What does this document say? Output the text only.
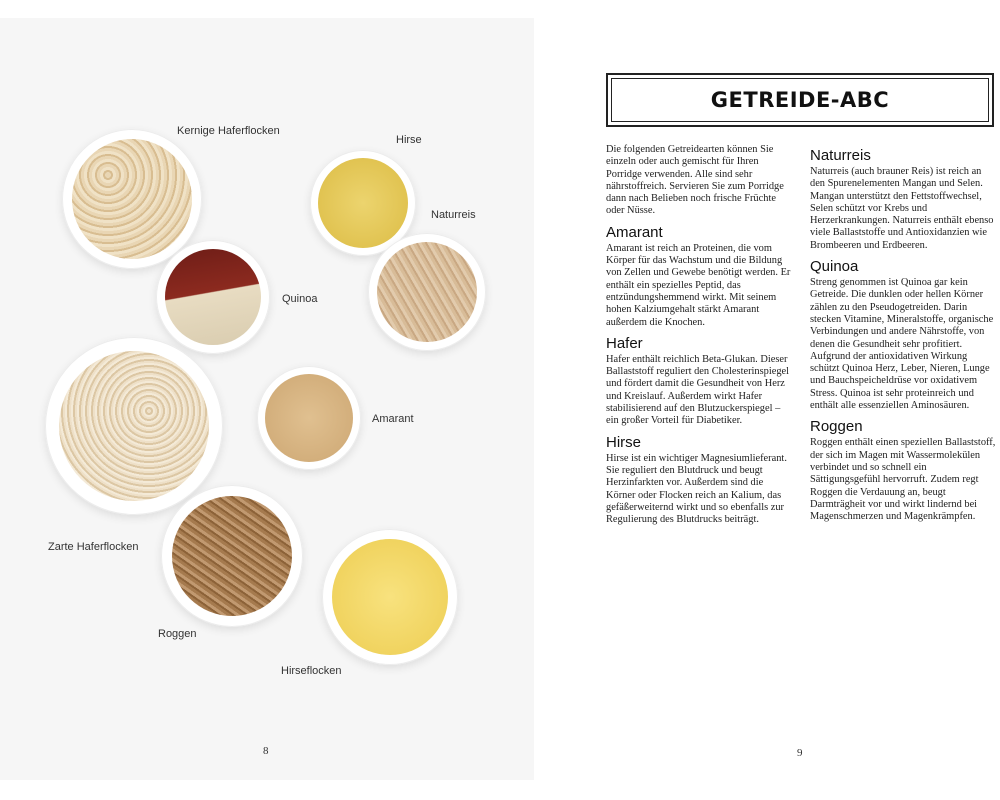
Kernige Haferflocken
Hirse
Naturreis
Quinoa
Amarant
Zarte Haferflocken
Roggen
Hirseflocken
8
GETREIDE-ABC

Die folgenden Getreidearten können Sie einzeln oder auch gemischt für Ihren Porridge verwenden. Alle sind sehr nährstoffreich. Servieren Sie zum Porridge dann nach Belieben noch frische Früchte oder Nüsse.

Amarant

Amarant ist reich an Proteinen, die vom Körper für das Wachstum und die Bildung von Zellen und Gewebe benötigt werden. Er enthält ein spezielles Peptid, das entzündungshemmend wirkt. Mit seinem hohen Kalziumgehalt stärkt Amarant außerdem die Knochen.

Hafer

Hafer enthält reichlich Beta-Glukan. Dieser Ballaststoff reguliert den Cholesterinspiegel und fördert damit die Gesundheit von Herz und Kreislauf. Außerdem wirkt Hafer stabilisierend auf den Blutzuckerspiegel – ein großer Vorteil für Diabetiker.

Hirse

Hirse ist ein wichtiger Magnesiumlieferant. Sie reguliert den Blutdruck und beugt Herzinfarkten vor. Außerdem sind die Körner oder Flocken reich an Kalium, das gefäßerweiternd wirkt und so ebenfalls zur Regulierung des Blutdrucks beiträgt.

Naturreis

Naturreis (auch brauner Reis) ist reich an den Spurenelementen Mangan und Selen. Mangan unterstützt den Fettstoffwechsel, Selen schützt vor Krebs und Herzerkrankungen. Naturreis enthält ebenso viele Ballaststoffe und Antioxidanzien wie Brombeeren und Erdbeeren.

Quinoa

Streng genommen ist Quinoa gar kein Getreide. Die dunklen oder hellen Körner zählen zu den Pseudogetreiden. Darin stecken Vitamine, Mineralstoffe, organische Verbindungen und andere Nährstoffe, von denen die Gesundheit sehr profitiert. Aufgrund der antioxidativen Wirkung schützt Quinoa Herz, Leber, Nieren, Lunge und Bauchspeicheldrüse vor oxidativem Stress. Quinoa ist sehr proteinreich und enthält alle essenziellen Aminosäuren.

Roggen

Roggen enthält einen speziellen Ballaststoff, der sich im Magen mit Wassermolekülen verbindet und so schnell ein Sättigungsgefühl hervorruft. Zudem regt Roggen die Verdauung an, beugt Darmträgheit vor und wirkt lindernd bei Magenschmerzen und Magenkrämpfen.

9
